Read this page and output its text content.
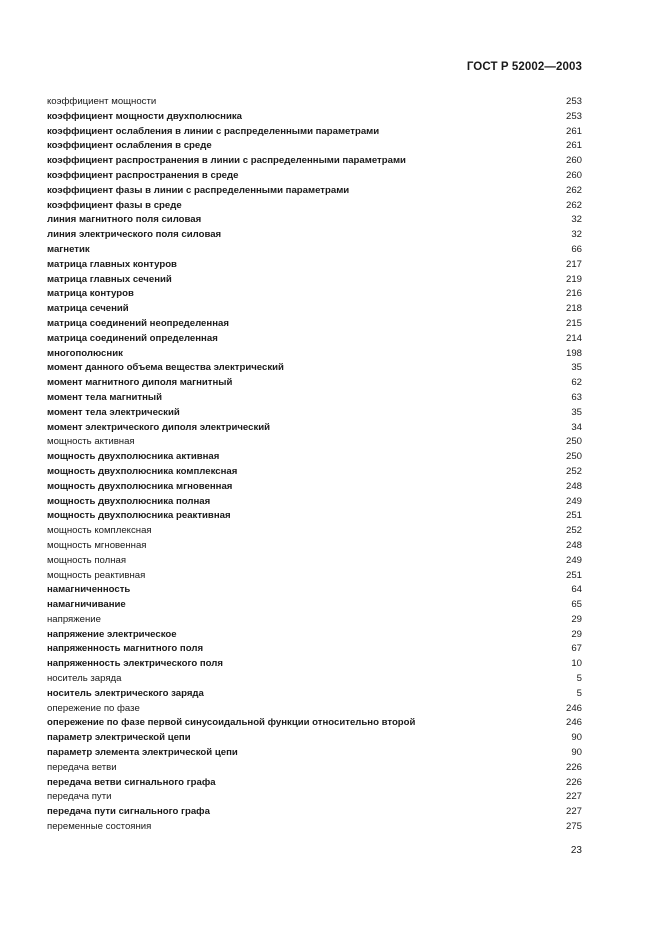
ГОСТ Р 52002—2003
коэффициент мощности	253
коэффициент мощности двухполюсника	253
коэффициент ослабления в линии с распределенными параметрами	261
коэффициент ослабления в среде	261
коэффициент распространения в линии с распределенными параметрами	260
коэффициент распространения в среде	260
коэффициент фазы в линии с распределенными параметрами	262
коэффициент фазы в среде	262
линия магнитного поля силовая	32
линия электрического поля силовая	32
магнетик	66
матрица главных контуров	217
матрица главных сечений	219
матрица контуров	216
матрица сечений	218
матрица соединений неопределенная	215
матрица соединений определенная	214
многополюсник	198
момент данного объема вещества электрический	35
момент магнитного диполя магнитный	62
момент тела магнитный	63
момент тела электрический	35
момент электрического диполя электрический	34
мощность активная	250
мощность двухполюсника активная	250
мощность двухполюсника комплексная	252
мощность двухполюсника мгновенная	248
мощность двухполюсника полная	249
мощность двухполюсника реактивная	251
мощность комплексная	252
мощность мгновенная	248
мощность полная	249
мощность реактивная	251
намагниченность	64
намагничивание	65
напряжение	29
напряжение электрическое	29
напряженность магнитного поля	67
напряженность электрического поля	10
носитель заряда	5
носитель электрического заряда	5
опережение по фазе	246
опережение по фазе первой синусоидальной функции относительно второй	246
параметр электрической цепи	90
параметр элемента электрической цепи	90
передача ветви	226
передача ветви сигнального графа	226
передача пути	227
передача пути сигнального графа	227
переменные состояния	275
23
